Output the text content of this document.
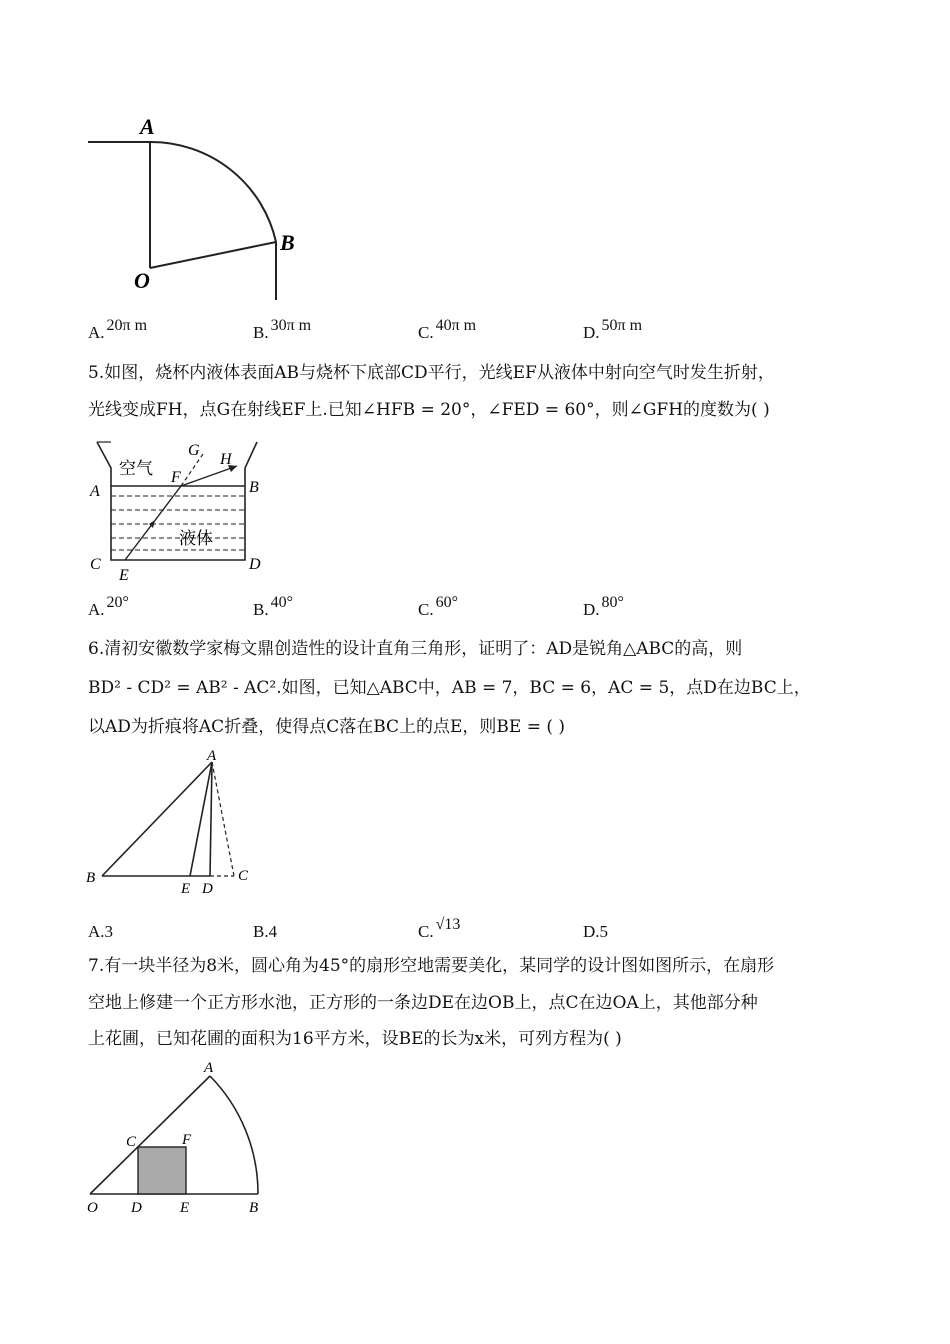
A
B
O
A. 20π m	B. 30π m	C. 40π m	D. 50π m
5.如图，烧杯内液体表面AB与烧杯下底部CD平行，光线EF从液体中射向空气时发生折射，
光线变成FH，点G在射线EF上.已知∠HFB = 20°，∠FED = 60°，则∠GFH的度数为( )
空气
液体
A	B
C	D
E
F
G
H
A. 20°	B. 40°	C. 60°	D. 80°
6.清初安徽数学家梅文鼎创造性的设计直角三角形，证明了：AD是锐角△ABC的高，则
BD² - CD² = AB² - AC².如图，已知△ABC中，AB = 7，BC = 6，AC = 5，点D在边BC上，
以AD为折痕将AC折叠，使得点C落在BC上的点E，则BE = ( )
A
B	C
D
E
A.3	B.4	C. √13	D.5
7.有一块半径为8米，圆心角为45°的扇形空地需要美化，某同学的设计图如图所示，在扇形
空地上修建一个正方形水池，正方形的一条边DE在边OB上，点C在边OA上，其他部分种
上花圃，已知花圃的面积为16平方米，设BE的长为x米，可列方程为( )
A
B
C
D	E
F
O
